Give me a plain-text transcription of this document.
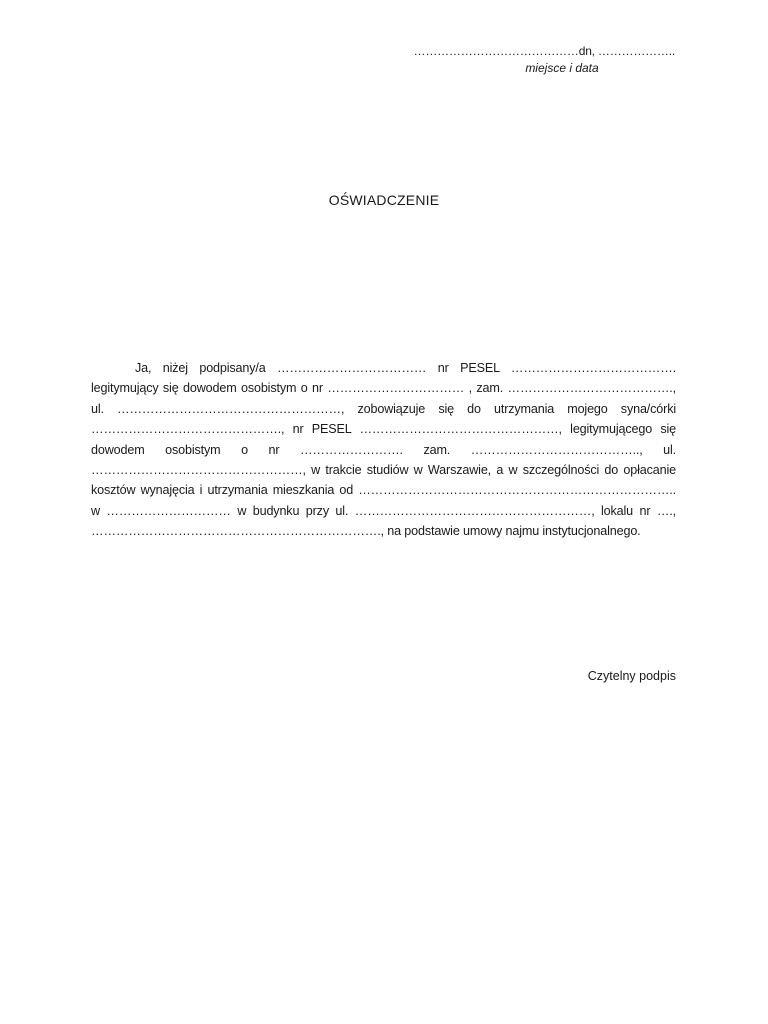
……………………………………dn, ………………..
miejsce i data
OŚWIADCZENIE

Ja, niżej podpisany/a ……………………………… nr PESEL …………………………………. legitymujący się dowodem osobistym o nr …………………………… , zam. …………………………………., ul. ………………………………………………, zobowiązuje się do utrzymania mojego syna/córki ………………………………………., nr PESEL …………………………………………, legitymującego się dowodem osobistym o nr ……………………. zam. ………………………………….., ul. ……………………………………………, w trakcie studiów w Warszawie, a w szczególności do opłacanie kosztów wynajęcia i utrzymania mieszkania od ………………………………………………………………….. w ………………………… w budynku przy ul. …………………………………………………, lokalu nr …., ……………………………………………………………., na podstawie umowy najmu instytucjonalnego.

Czytelny podpis
